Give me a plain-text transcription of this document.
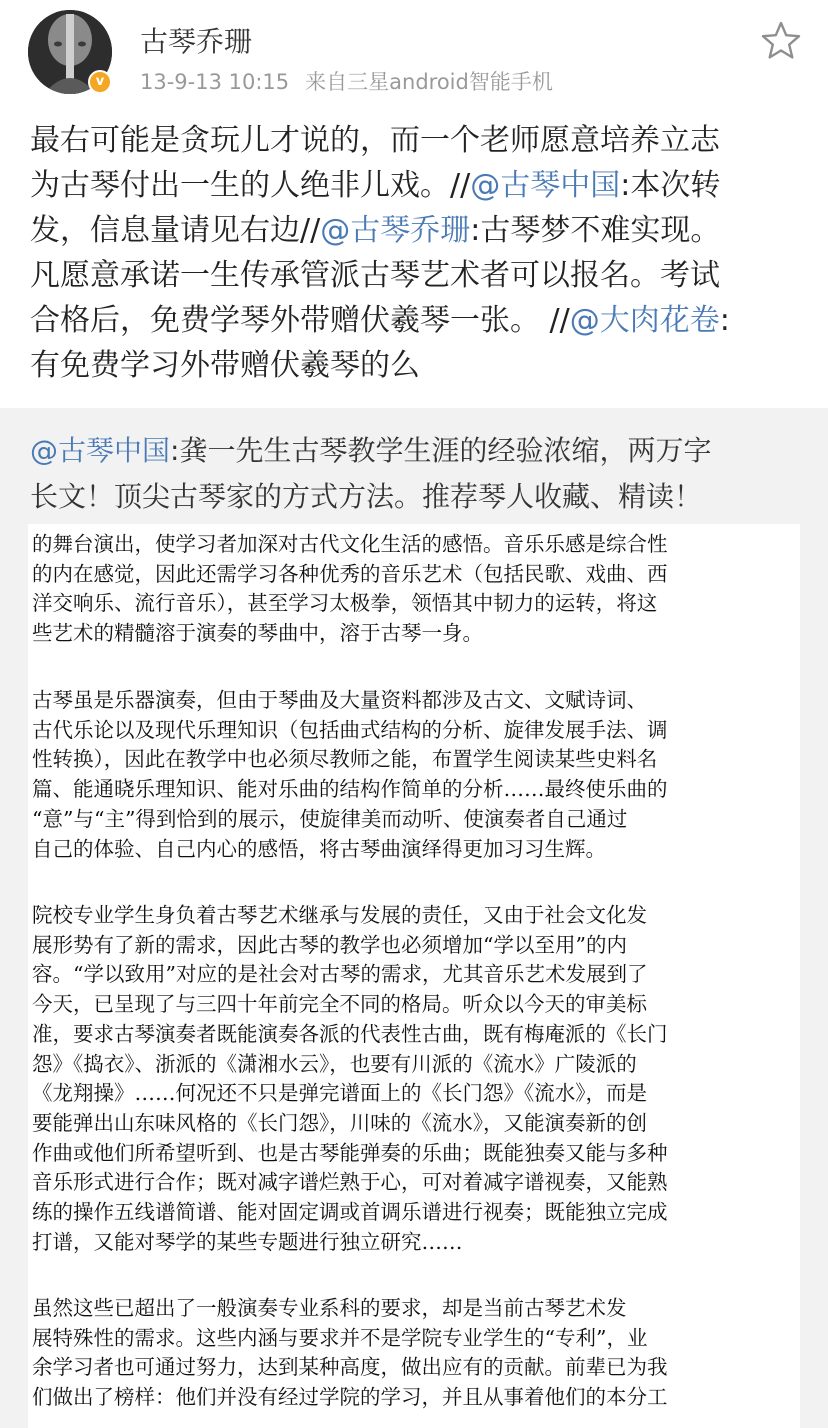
v
古琴乔珊
13-9-13 10:15 来自三星android智能手机
最右可能是贪玩儿才说的，而一个老师愿意培养立志
为古琴付出一生的人绝非儿戏。//@古琴中国:本次转
发，信息量请见右边//@古琴乔珊:古琴梦不难实现。
凡愿意承诺一生传承管派古琴艺术者可以报名。考试
合格后，免费学琴外带赠伏羲琴一张。 //@大肉花卷:
有免费学习外带赠伏羲琴的么
@古琴中国:龚一先生古琴教学生涯的经验浓缩，两万字
长文！顶尖古琴家的方式方法。推荐琴人收藏、精读！
的舞台演出，使学习者加深对古代文化生活的感悟。音乐乐感是综合性
的内在感觉，因此还需学习各种优秀的音乐艺术（包括民歌、戏曲、西
洋交响乐、流行音乐），甚至学习太极拳，领悟其中韧力的运转，将这
些艺术的精髓溶于演奏的琴曲中，溶于古琴一身。
古琴虽是乐器演奏，但由于琴曲及大量资料都涉及古文、文赋诗词、
古代乐论以及现代乐理知识（包括曲式结构的分析、旋律发展手法、调
性转换），因此在教学中也必须尽教师之能，布置学生阅读某些史料名
篇、能通晓乐理知识、能对乐曲的结构作简单的分析……最终使乐曲的
“意”与“主”得到恰到的展示，使旋律美而动听、使演奏者自己通过
自己的体验、自己内心的感悟，将古琴曲演绎得更加习习生辉。
院校专业学生身负着古琴艺术继承与发展的责任，又由于社会文化发
展形势有了新的需求，因此古琴的教学也必须增加“学以至用”的内
容。“学以致用”对应的是社会对古琴的需求，尤其音乐艺术发展到了
今天，已呈现了与三四十年前完全不同的格局。听众以今天的审美标
准，要求古琴演奏者既能演奏各派的代表性古曲，既有梅庵派的《长门
怨》《捣衣》、浙派的《潇湘水云》，也要有川派的《流水》广陵派的
《龙翔操》……何况还不只是弹完谱面上的《长门怨》《流水》，而是
要能弹出山东味风格的《长门怨》，川味的《流水》，又能演奏新的创
作曲或他们所希望听到、也是古琴能弹奏的乐曲；既能独奏又能与多种
音乐形式进行合作；既对减字谱烂熟于心，可对着减字谱视奏，又能熟
练的操作五线谱简谱、能对固定调或首调乐谱进行视奏；既能独立完成
打谱，又能对琴学的某些专题进行独立研究……
虽然这些已超出了一般演奏专业系科的要求，却是当前古琴艺术发
展特殊性的需求。这些内涵与要求并不是学院专业学生的“专利”，业
余学习者也可通过努力，达到某种高度，做出应有的贡献。前辈已为我
们做出了榜样：他们并没有经过学院的学习，并且从事着他们的本分工
